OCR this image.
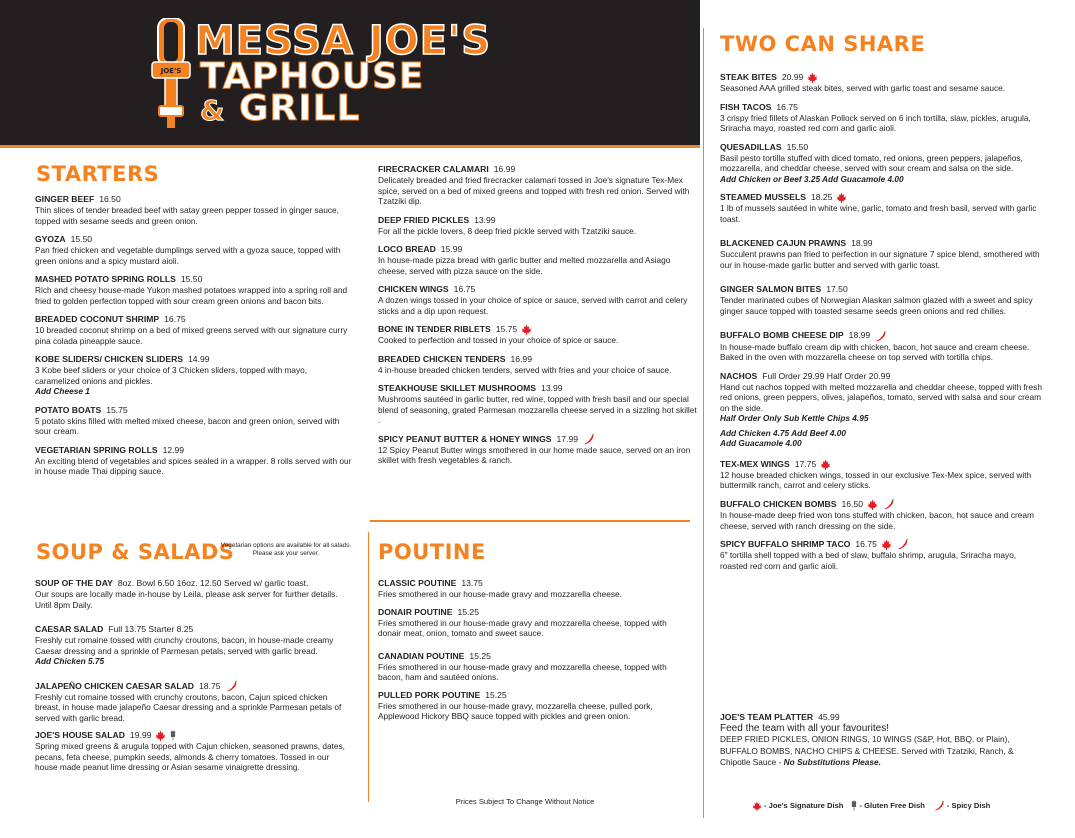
JOE'S
MESSA JOE'S
TAPHOUSE
& GRILL
STARTERS
GINGER BEEF 16.50
Thin slices of tender breaded beef with satay green pepper tossed in ginger sauce, topped with sesame seeds and green onion.
GYOZA 15.50
Pan fried chicken and vegetable dumplings served with a gyoza sauce, topped with green onions and a spicy mustard aioli.
MASHED POTATO SPRING ROLLS 15.50
Rich and cheesy house-made Yukon mashed potatoes wrapped into a spring roll and fried to golden perfection topped with sour cream green onions and bacon bits.
BREADED COCONUT SHRIMP 16.75
10 breaded coconut shrimp on a bed of mixed greens served with our signature curry pina colada pineapple sauce.
KOBE SLIDERS/ CHICKEN SLIDERS 14.99
3 Kobe beef sliders or your choice of 3 Chicken sliders, topped with mayo, caramelized onions and pickles.
Add Cheese 1
POTATO BOATS 15.75
5 potato skins filled with melted mixed cheese, bacon and green onion, served with sour cream.
VEGETARIAN SPRING ROLLS 12.99
An exciting blend of vegetables and spices sealed in a wrapper. 8 rolls served with our in house made Thai dipping sauce.
FIRECRACKER CALAMARI 16.99
Delicately breaded and fried firecracker calamari tossed in Joe's signature Tex-Mex spice, served on a bed of mixed greens and topped with fresh red onion. Served with Tzatziki dip.
DEEP FRIED PICKLES 13.99
For all the pickle lovers, 8 deep fried pickle served with Tzatziki sauce.
LOCO BREAD 15.99
In house-made pizza bread with garlic butter and melted mozzarella and Asiago cheese, served with pizza sauce on the side.
CHICKEN WINGS 16.75
A dozen wings tossed in your choice of spice or sauce, served with carrot and celery sticks and a dip upon request.
BONE IN TENDER RIBLETS 15.75
Cooked to perfection and tossed in your choice of spice or sauce.
BREADED CHICKEN TENDERS 16.99
4 in-house breaded chicken tenders, served with fries and your choice of sauce.
STEAKHOUSE SKILLET MUSHROOMS 13.99
Mushrooms sautéed in garlic butter, red wine, topped with fresh basil and our special blend of seasoning, grated Parmesan mozzarella cheese served in a sizzling hot skillet .
SPICY PEANUT BUTTER & HONEY WINGS 17.99
12 Spicy Peanut Butter wings smothered in our home made sauce, served on an iron skillet with fresh vegetables & ranch.
SOUP & SALADS
Vegetarian options are available for all salads. Please ask your server.
SOUP OF THE DAY 8oz. Bowl 6.50 16oz. 12.50 Served w/ garlic toast.
Our soups are locally made in-house by Leila, please ask server for further details. Until 8pm Daily.
CAESAR SALAD Full 13.75 Starter 8.25
Freshly cut romaine tossed with crunchy croutons, bacon, in house-made creamy Caesar dressing and a sprinkle of Parmesan petals, served with garlic bread.
Add Chicken 5.75
JALAPEÑO CHICKEN CAESAR SALAD 18.75
Freshly cut romaine tossed with crunchy croutons, bacon, Cajun spiced chicken breast, in house made jalapeño Caesar dressing and a sprinkle Parmesan petals of served with garlic bread.
JOE'S HOUSE SALAD 19.99
Spring mixed greens & arugula topped with Cajun chicken, seasoned prawns, dates, pecans, feta cheese, pumpkin seeds, almonds & cherry tomatoes. Tossed in our house made peanut lime dressing or Asian sesame vinaigrette dressing.
POUTINE
CLASSIC POUTINE 13.75
Fries smothered in our house-made gravy and mozzarella cheese.
DONAIR POUTINE 15.25
Fries smothered in our house-made gravy and mozzarella cheese, topped with donair meat, onion, tomato and sweet sauce.
CANADIAN POUTINE 15.25
Fries smothered in our house-made gravy and mozzarella cheese, topped with bacon, ham and sautéed onions.
PULLED PORK POUTINE 15.25
Fries smothered in our house-made gravy, mozzarella cheese, pulled pork, Applewood Hickory BBQ sauce topped with pickles and green onion.
Prices Subject To Change Without Notice
TWO CAN SHARE
STEAK BITES 20.99
Seasoned AAA grilled steak bites, served with garlic toast and sesame sauce.
FISH TACOS 16.75
3 crispy fried fillets of Alaskan Pollock served on 6 inch tortilla, slaw, pickles, arugula, Sriracha mayo, roasted red corn and garlic aioli.
QUESADILLAS 15.50
Basil pesto tortilla stuffed with diced tomato, red onions, green peppers, jalapeños, mozzarella, and cheddar cheese, served with sour cream and salsa on the side.
Add Chicken or Beef 3.25 Add Guacamole 4.00
STEAMED MUSSELS 18.25
1 lb of mussels sautéed in white wine, garlic, tomato and fresh basil, served with garlic toast.
BLACKENED CAJUN PRAWNS 18.99
Succulent prawns pan fried to perfection in our signature 7 spice blend, smothered with our in house-made garlic butter and served with garlic toast.
GINGER SALMON BITES 17.50
Tender marinated cubes of Norwegian Alaskan salmon glazed with a sweet and spicy ginger sauce topped with toasted sesame seeds green onions and red chilies.
BUFFALO BOMB CHEESE DIP 18.99
In house-made buffalo cream dip with chicken, bacon, hot sauce and cream cheese. Baked in the oven with mozzarella cheese on top served with tortilla chips.
NACHOS Full Order 29.99 Half Order 20.99
Hand cut nachos topped with melted mozzarella and cheddar cheese, topped with fresh red onions, green peppers, olives, jalapeños, tomato, served with salsa and sour cream on the side.
Half Order Only Sub Kettle Chips 4.95
Add Chicken 4.75 Add Beef 4.00
Add Guacamole 4.00
TEX-MEX WINGS 17.75
12 house breaded chicken wings, tossed in our exclusive Tex-Mex spice, served with buttermilk ranch, carrot and celery sticks.
BUFFALO CHICKEN BOMBS 16.50
In house-made deep fried won tons stuffed with chicken, bacon, hot sauce and cream cheese, served with ranch dressing on the side.
SPICY BUFFALO SHRIMP TACO 16.75
6" tortilla shell topped with a bed of slaw, buffalo shrimp, arugula, Sriracha mayo, roasted red corn and garlic aioli.
JOE'S TEAM PLATTER 45.99
Feed the team with all your favourites!
DEEP FRIED PICKLES, ONION RINGS, 10 WINGS (S&P, Hot, BBQ, or Plain), BUFFALO BOMBS, NACHO CHIPS & CHEESE. Served with Tzatziki, Ranch, & Chipotle Sauce - No Substitutions Please.
- Joe's Signature Dish - Gluten Free Dish	- Spicy Dish
